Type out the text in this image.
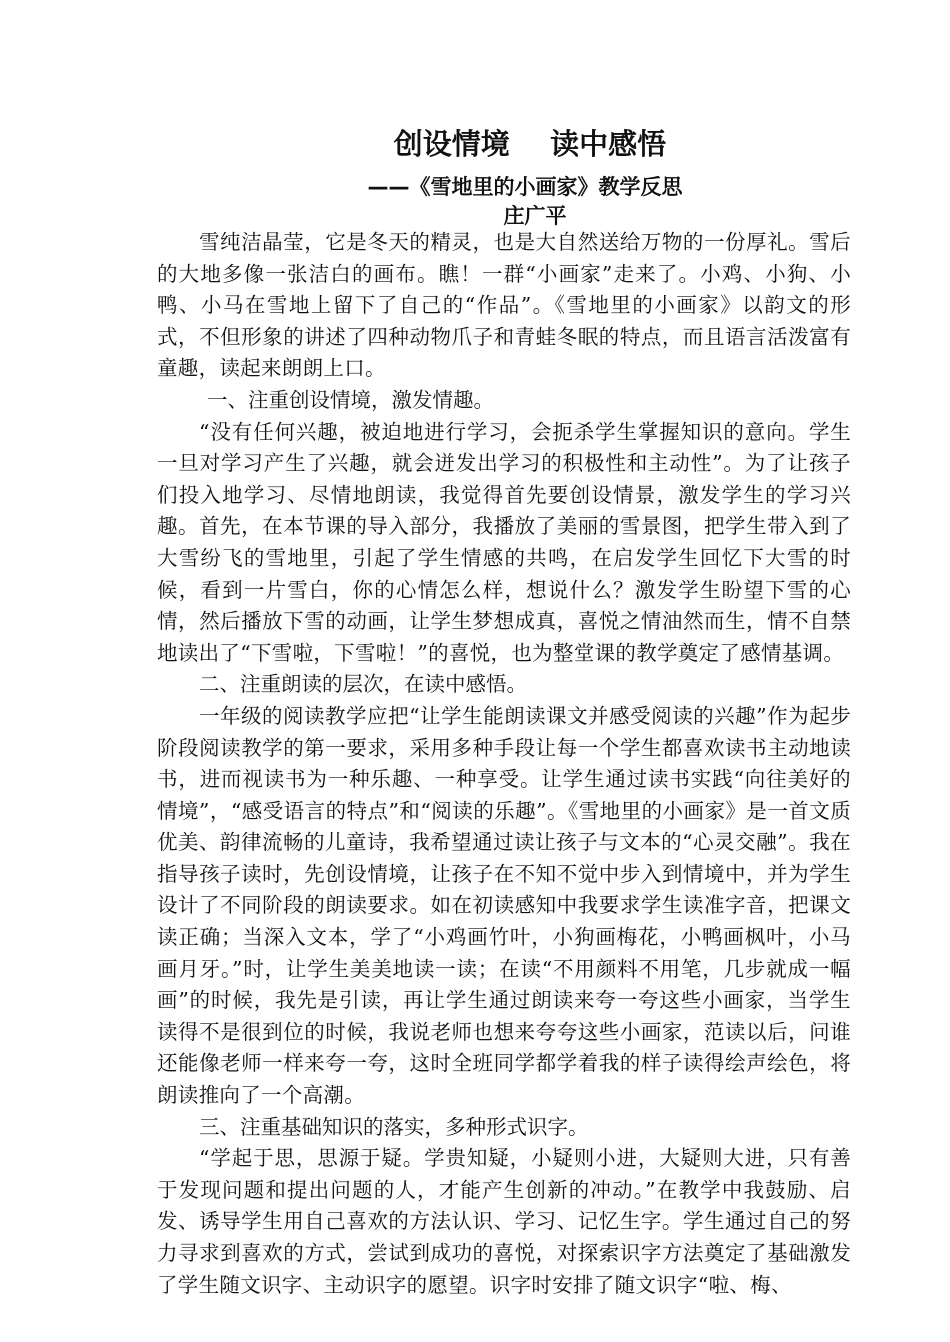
创设情境    读中感悟
——《雪地里的小画家》教学反思
庄广平

雪纯洁晶莹，它是冬天的精灵，也是大自然送给万物的一份厚礼。雪后的大地多像一张洁白的画布。瞧！一群“小画家”走来了。小鸡、小狗、小鸭、小马在雪地上留下了自己的“作品”。《雪地里的小画家》以韵文的形式，不但形象的讲述了四种动物爪子和青蛙冬眠的特点，而且语言活泼富有童趣，读起来朗朗上口。

一、注重创设情境，激发情趣。

“没有任何兴趣，被迫地进行学习，会扼杀学生掌握知识的意向。学生一旦对学习产生了兴趣，就会迸发出学习的积极性和主动性”。为了让孩子们投入地学习、尽情地朗读，我觉得首先要创设情景，激发学生的学习兴趣。首先，在本节课的导入部分，我播放了美丽的雪景图，把学生带入到了大雪纷飞的雪地里，引起了学生情感的共鸣，在启发学生回忆下大雪的时候，看到一片雪白，你的心情怎么样，想说什么？激发学生盼望下雪的心情，然后播放下雪的动画，让学生梦想成真，喜悦之情油然而生，情不自禁地读出了“下雪啦，下雪啦！”的喜悦，也为整堂课的教学奠定了感情基调。

二、注重朗读的层次，在读中感悟。

一年级的阅读教学应把“让学生能朗读课文并感受阅读的兴趣”作为起步阶段阅读教学的第一要求，采用多种手段让每一个学生都喜欢读书主动地读书，进而视读书为一种乐趣、一种享受。让学生通过读书实践“向往美好的情境”，“感受语言的特点”和“阅读的乐趣”。《雪地里的小画家》是一首文质优美、韵律流畅的儿童诗，我希望通过读让孩子与文本的“心灵交融”。我在指导孩子读时，先创设情境，让孩子在不知不觉中步入到情境中，并为学生设计了不同阶段的朗读要求。如在初读感知中我要求学生读准字音，把课文读正确；当深入文本，学了“小鸡画竹叶，小狗画梅花，小鸭画枫叶，小马画月牙。”时，让学生美美地读一读；在读“不用颜料不用笔，几步就成一幅画”的时候，我先是引读，再让学生通过朗读来夸一夸这些小画家，当学生读得不是很到位的时候，我说老师也想来夸夸这些小画家，范读以后，问谁还能像老师一样来夸一夸，这时全班同学都学着我的样子读得绘声绘色，将朗读推向了一个高潮。

三、注重基础知识的落实，多种形式识字。

“学起于思，思源于疑。学贵知疑，小疑则小进，大疑则大进，只有善于发现问题和提出问题的人，才能产生创新的冲动。”在教学中我鼓励、启发、诱导学生用自己喜欢的方法认识、学习、记忆生字。学生通过自己的努力寻求到喜欢的方式，尝试到成功的喜悦，对探索识字方法奠定了基础激发了学生随文识字、主动识字的愿望。识字时安排了随文识字“啦、梅、
